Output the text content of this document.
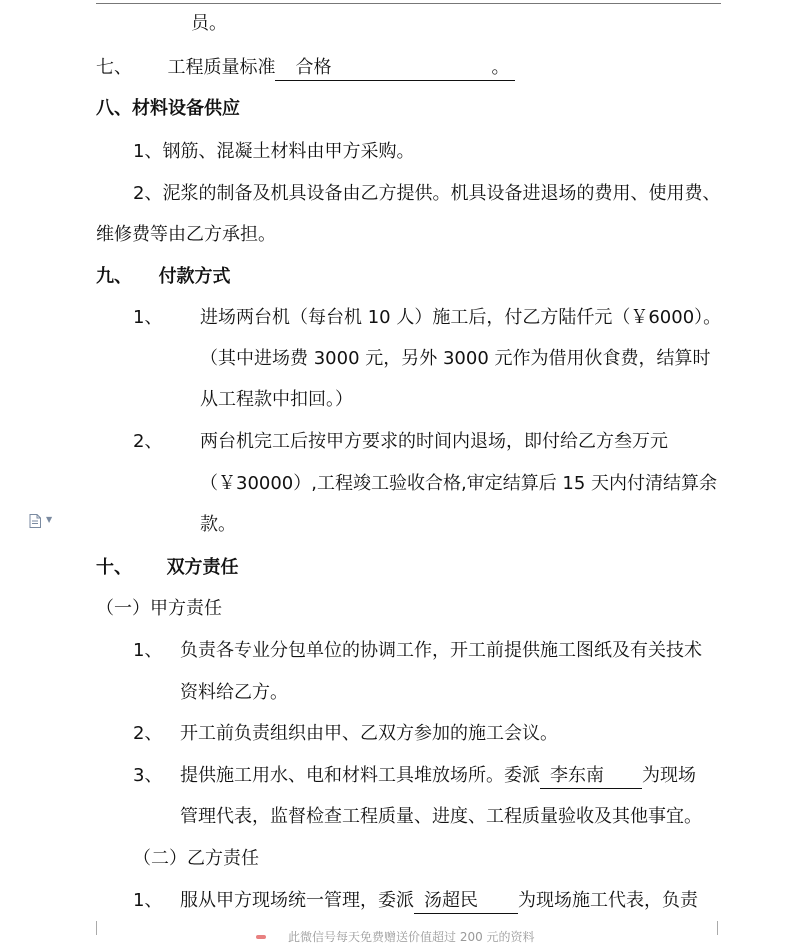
员。
七、 工程质量标准 合格	。
八、材料设备供应
1、钢筋、混凝土材料由甲方采购。
2、泥浆的制备及机具设备由乙方提供。机具设备进退场的费用、使用费、
维修费等由乙方承担。
九、 付款方式
1、 进场两台机（每台机 10 人）施工后，付乙方陆仟元（￥6000）。
（其中进场费 3000 元，另外 3000 元作为借用伙食费，结算时
从工程款中扣回。）
2、 两台机完工后按甲方要求的时间内退场，即付给乙方叁万元
（￥30000）,工程竣工验收合格,审定结算后 15 天内付清结算余
款。
▼
十、 双方责任
（一）甲方责任
1、 负责各专业分包单位的协调工作，开工前提供施工图纸及有关技术
资料给乙方。
2、 开工前负责组织由甲、乙双方参加的施工会议。
3、 提供施工用水、电和材料工具堆放场所。委派 李东南 为现场
管理代表，监督检查工程质量、进度、工程质量验收及其他事宜。
（二）乙方责任
1、 服从甲方现场统一管理，委派 汤超民 为现场施工代表，负责
此微信号每天免费赠送价值超过 200 元的资料
